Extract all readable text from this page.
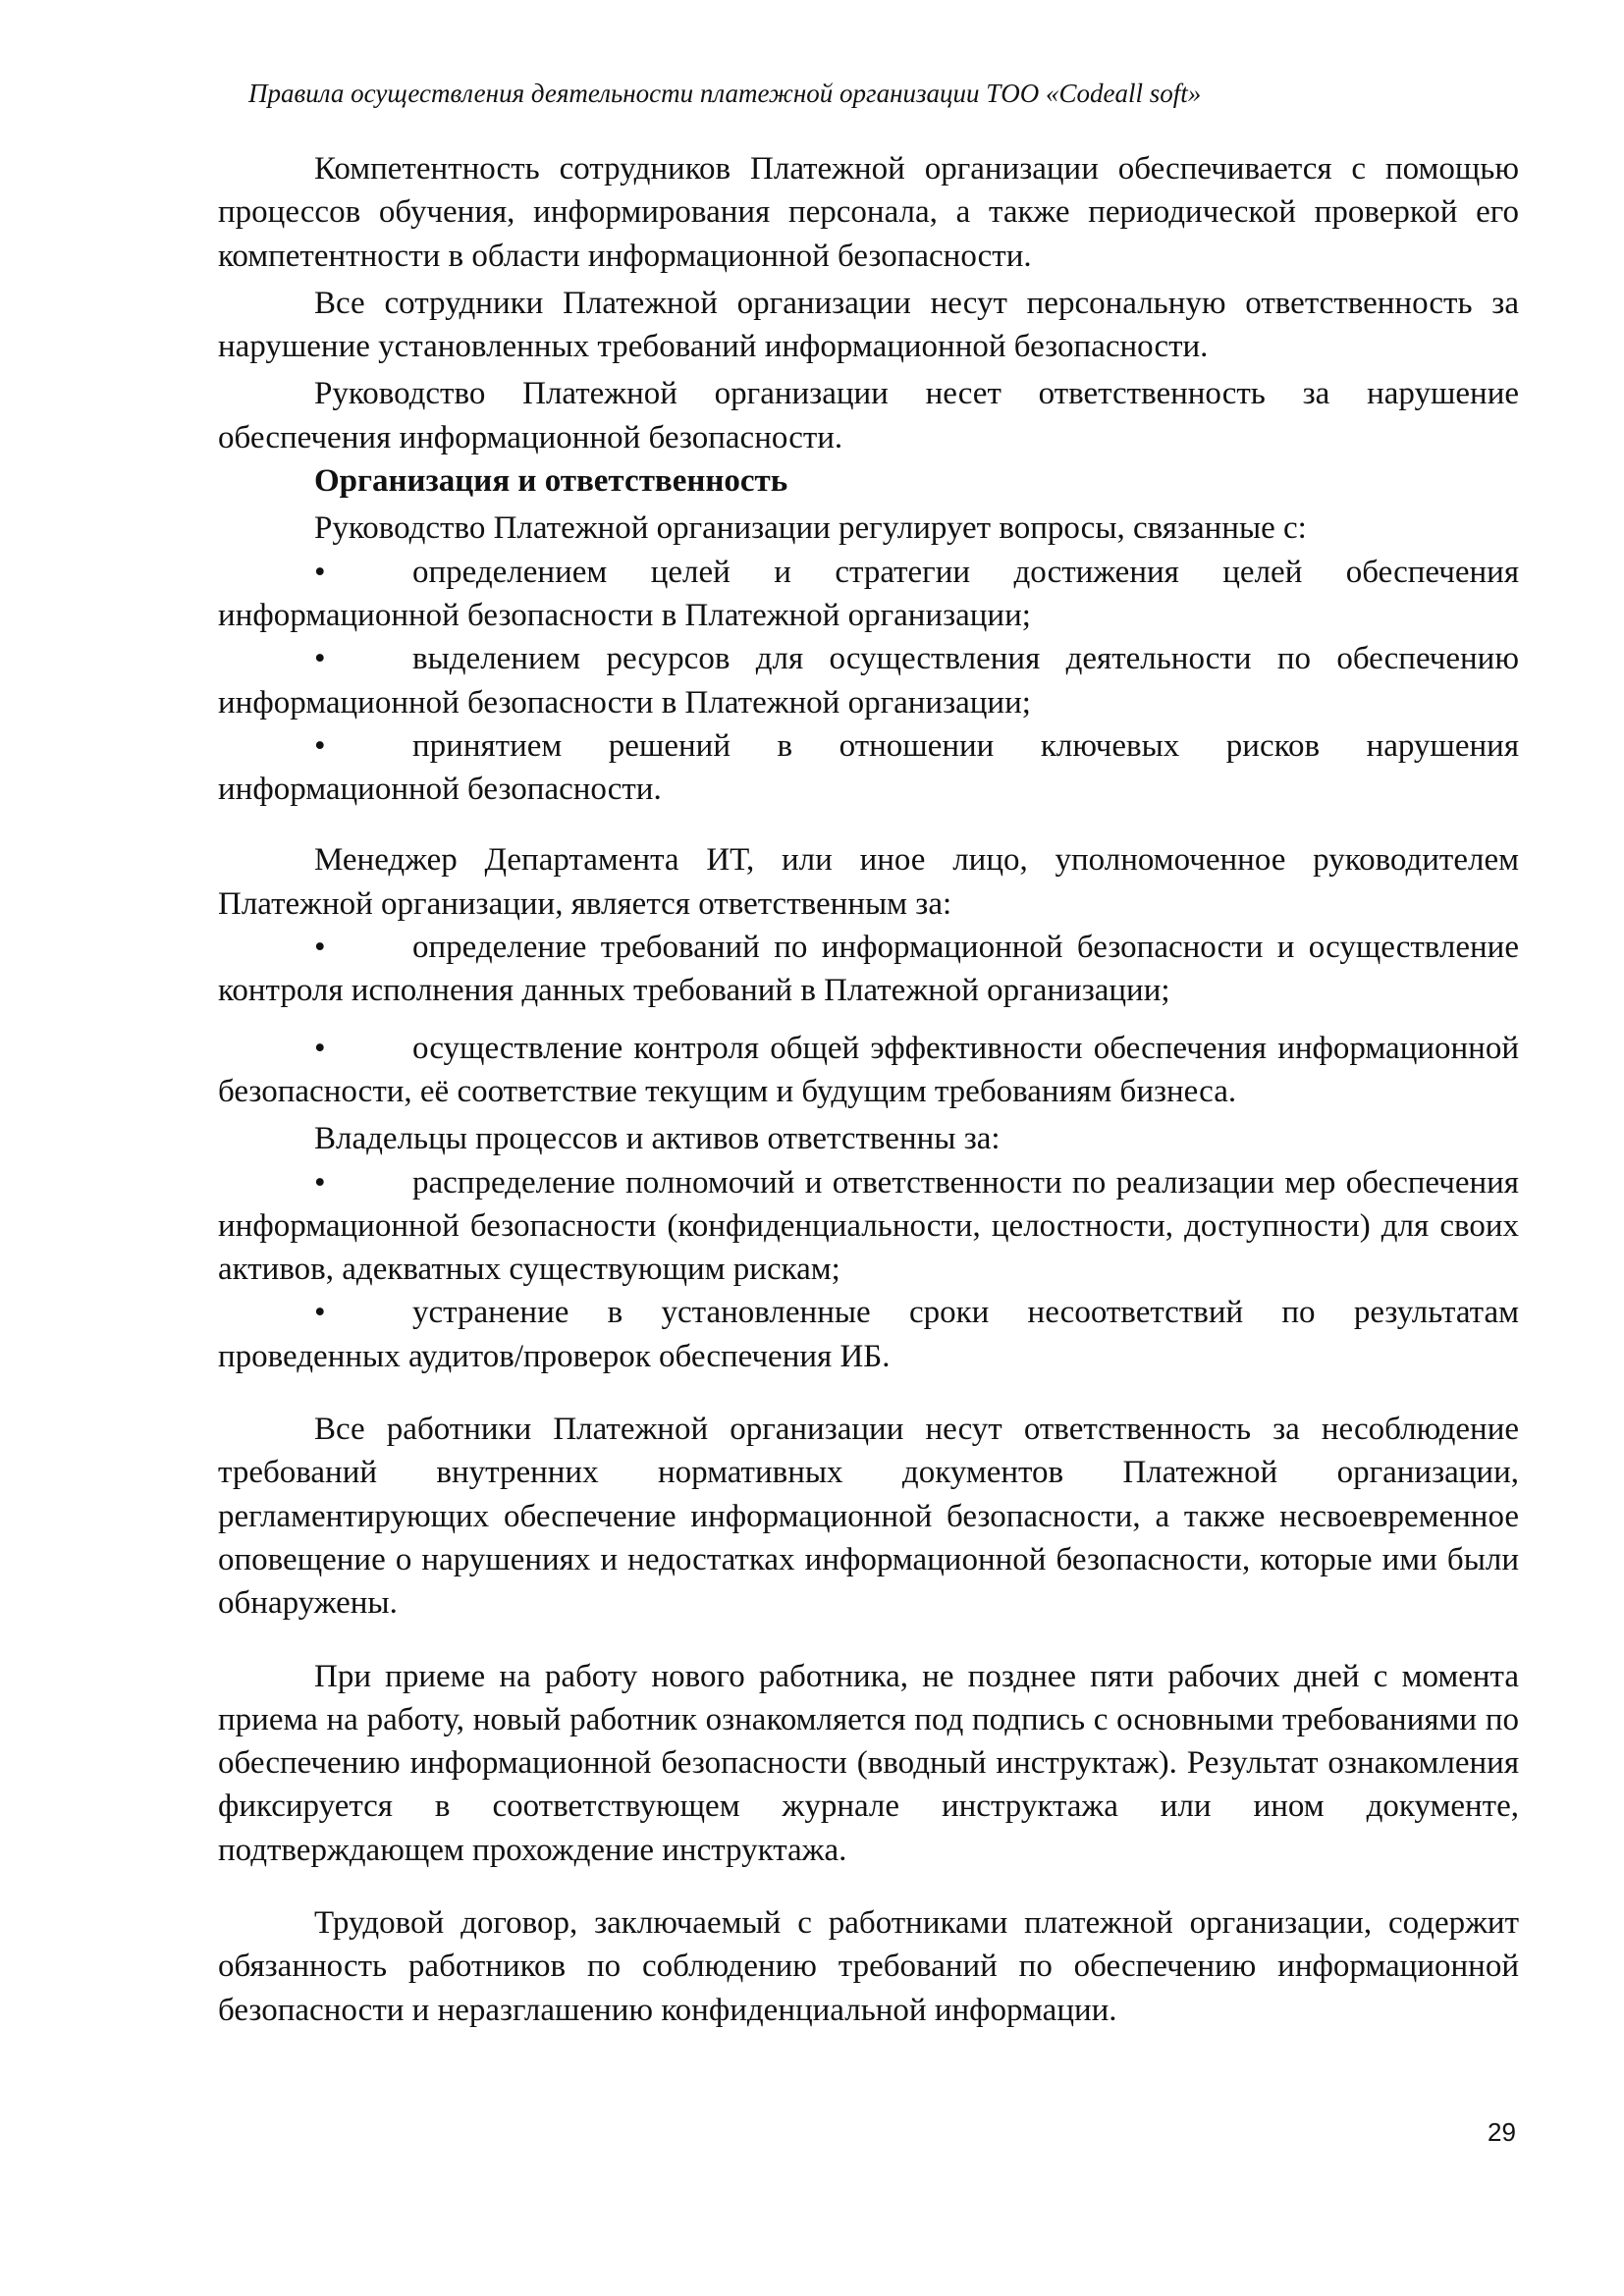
Правила осуществления деятельности платежной организации ТОО «Codeall soft»

Компетентность сотрудников Платежной организации обеспечивается с помощью процессов обучения, информирования персонала, а также периодической проверкой его компетентности в области информационной безопасности.

Все сотрудники Платежной организации несут персональную ответственность за нарушение установленных требований информационной безопасности.

Руководство Платежной организации несет ответственность за нарушение обеспечения информационной безопасности.

Организация и ответственность

Руководство Платежной организации регулирует вопросы, связанные с:

•	определением целей и стратегии достижения целей обеспечения информационной безопасности в Платежной организации;

•	выделением ресурсов для осуществления деятельности по обеспечению информационной безопасности в Платежной организации;

•	принятием решений в отношении ключевых рисков нарушения информационной безопасности.

Менеджер Департамента ИТ, или иное лицо, уполномоченное руководителем Платежной организации, является ответственным за:

•	определение требований по информационной безопасности и осуществление контроля исполнения данных требований в Платежной организации;

•	осуществление контроля общей эффективности обеспечения информационной безопасности, её соответствие текущим и будущим требованиям бизнеса.

Владельцы процессов и активов ответственны за:

•	распределение полномочий и ответственности по реализации мер обеспечения информационной безопасности (конфиденциальности, целостности, доступности) для своих активов, адекватных существующим рискам;

•	устранение в установленные сроки несоответствий по результатам проведенных аудитов/проверок обеспечения ИБ.

Все работники Платежной организации несут ответственность за несоблюдение требований внутренних нормативных документов Платежной организации, регламентирующих обеспечение информационной безопасности, а также несвоевременное оповещение о нарушениях и недостатках информационной безопасности, которые ими были обнаружены.

При приеме на работу нового работника, не позднее пяти рабочих дней с момента приема на работу, новый работник ознакомляется под подпись с основными требованиями по обеспечению информационной безопасности (вводный инструктаж). Результат ознакомления фиксируется в соответствующем журнале инструктажа или ином документе, подтверждающем прохождение инструктажа.

Трудовой договор, заключаемый с работниками платежной организации, содержит обязанность работников по соблюдению требований по обеспечению информационной безопасности и неразглашению конфиденциальной информации.

29
